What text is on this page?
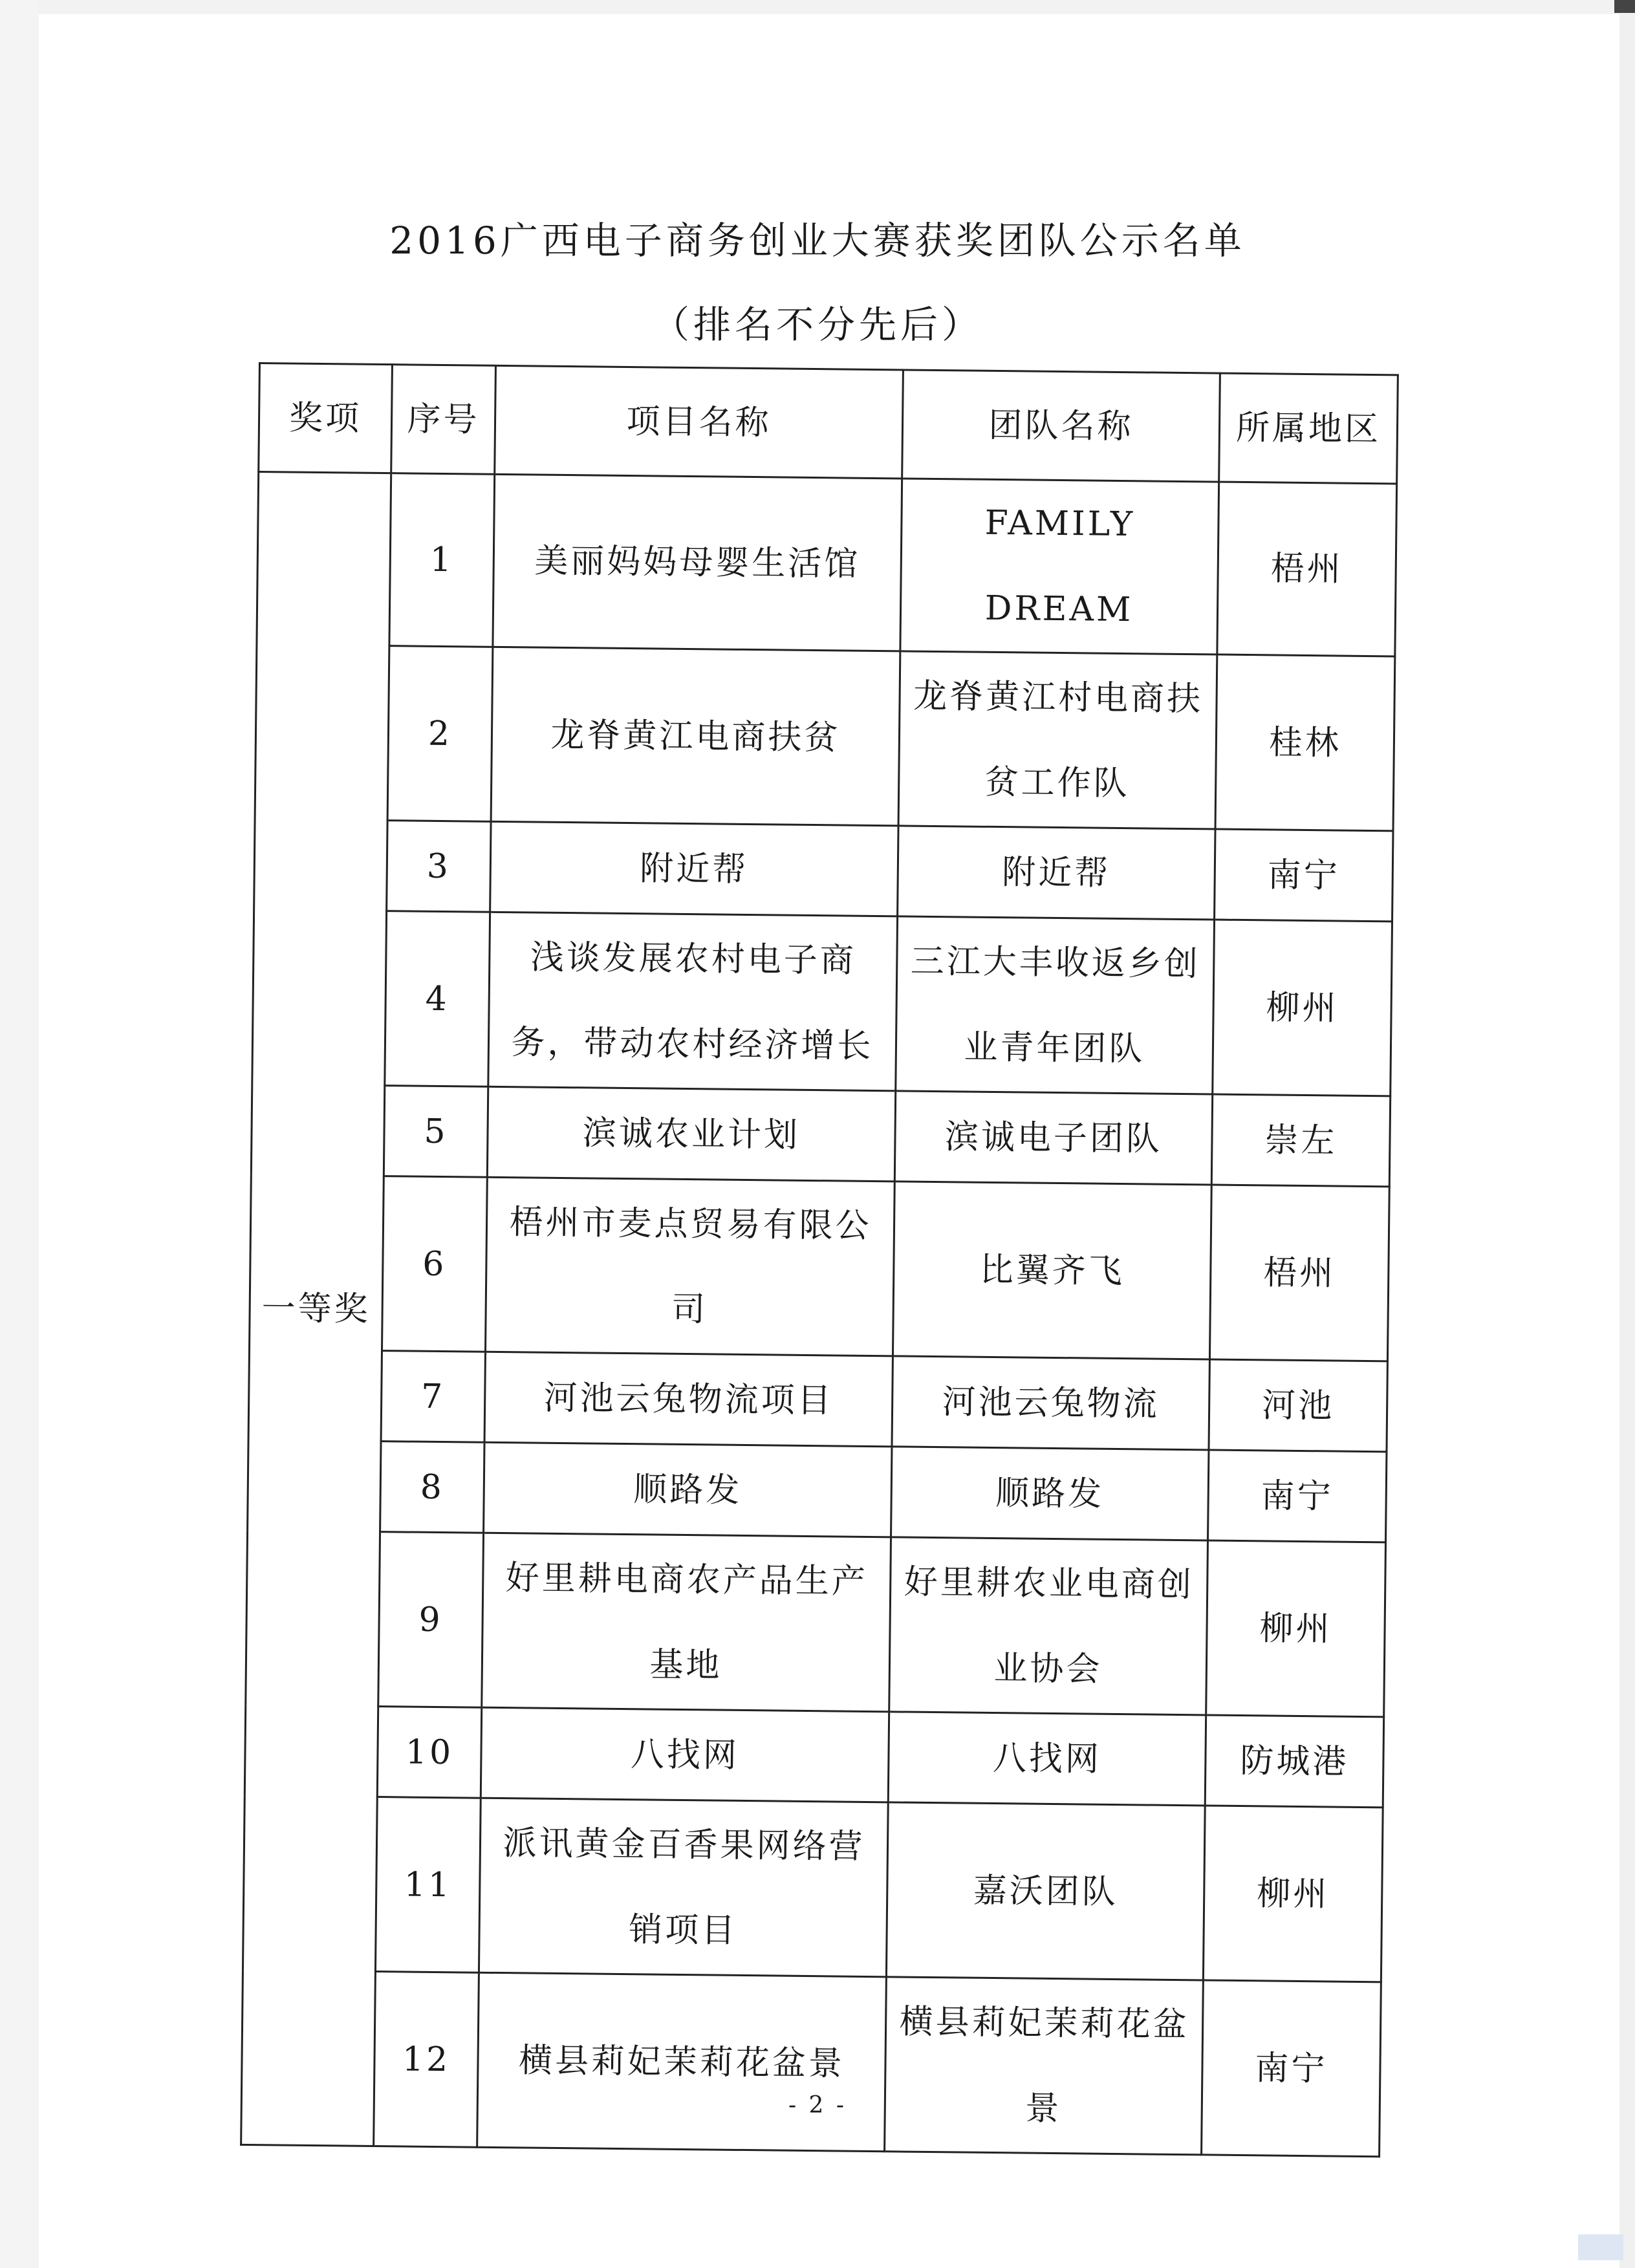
2016广西电子商务创业大赛获奖团队公示名单
（排名不分先后）
奖项	序号	项目名称	团队名称	所属地区
一等奖	1	美丽妈妈母婴生活馆	FAMILY DREAM	梧州
	2	龙脊黄江电商扶贫	龙脊黄江村电商扶贫工作队	桂林
	3	附近帮	附近帮	南宁
	4	浅谈发展农村电子商务，带动农村经济增长	三江大丰收返乡创业青年团队	柳州
	5	滨诚农业计划	滨诚电子团队	崇左
	6	梧州市麦点贸易有限公司	比翼齐飞	梧州
	7	河池云兔物流项目	河池云兔物流	河池
	8	顺路发	顺路发	南宁
	9	好里耕电商农产品生产基地	好里耕农业电商创业协会	柳州
	10	八找网	八找网	防城港
	11	派讯黄金百香果网络营销项目	嘉沃团队	柳州
	12	横县莉妃茉莉花盆景	横县莉妃茉莉花盆景	南宁
- 2 -
